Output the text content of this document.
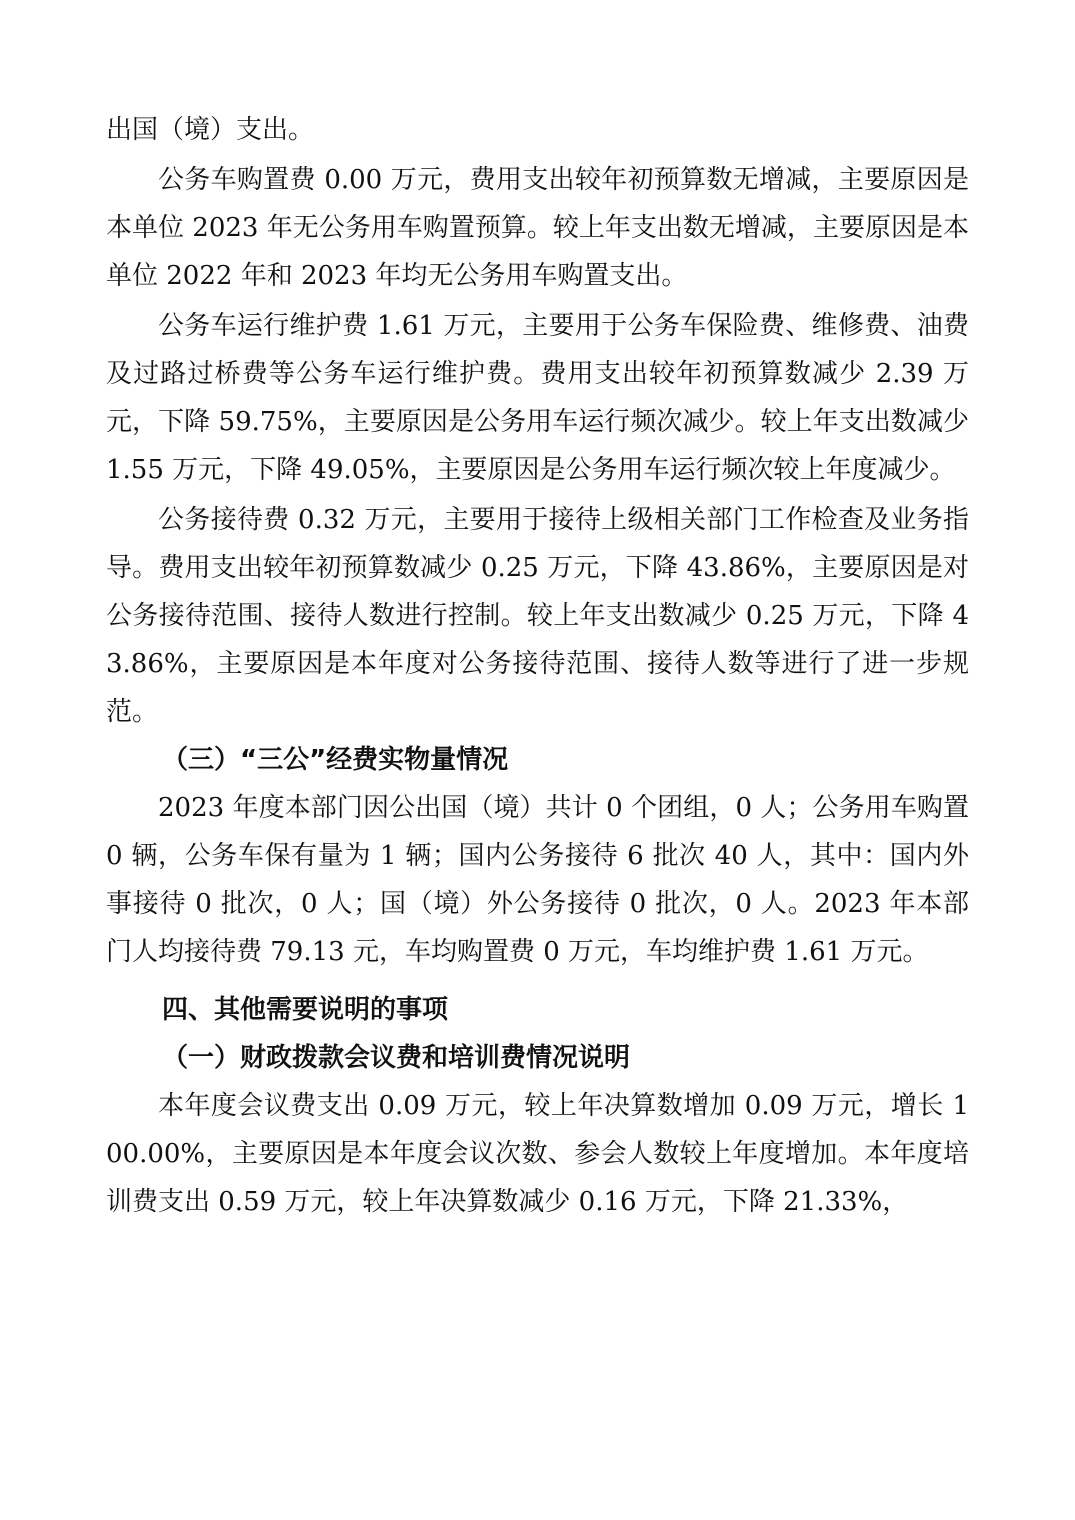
出国（境）支出。

公务车购置费 0.00 万元，费用支出较年初预算数无增减，主要原因是本单位 2023 年无公务用车购置预算。较上年支出数无增减，主要原因是本单位 2022 年和 2023 年均无公务用车购置支出。

公务车运行维护费 1.61 万元，主要用于公务车保险费、维修费、油费及过路过桥费等公务车运行维护费。费用支出较年初预算数减少 2.39 万元，下降 59.75%，主要原因是公务用车运行频次减少。较上年支出数减少 1.55 万元，下降 49.05%，主要原因是公务用车运行频次较上年度减少。

公务接待费 0.32 万元，主要用于接待上级相关部门工作检查及业务指导。费用支出较年初预算数减少 0.25 万元，下降 43.86%，主要原因是对公务接待范围、接待人数进行控制。较上年支出数减少 0.25 万元，下降 43.86%，主要原因是本年度对公务接待范围、接待人数等进行了进一步规范。

（三）“三公”经费实物量情况

2023 年度本部门因公出国（境）共计 0 个团组，0 人；公务用车购置 0 辆，公务车保有量为 1 辆；国内公务接待 6 批次 40 人，其中：国内外事接待 0 批次，0 人；国（境）外公务接待 0 批次，0 人。2023 年本部门人均接待费 79.13 元，车均购置费 0 万元，车均维护费 1.61 万元。

四、其他需要说明的事项
（一）财政拨款会议费和培训费情况说明

本年度会议费支出 0.09 万元，较上年决算数增加 0.09 万元，增长 100.00%，主要原因是本年度会议次数、参会人数较上年度增加。本年度培训费支出 0.59 万元，较上年决算数减少 0.16 万元，下降 21.33%，
